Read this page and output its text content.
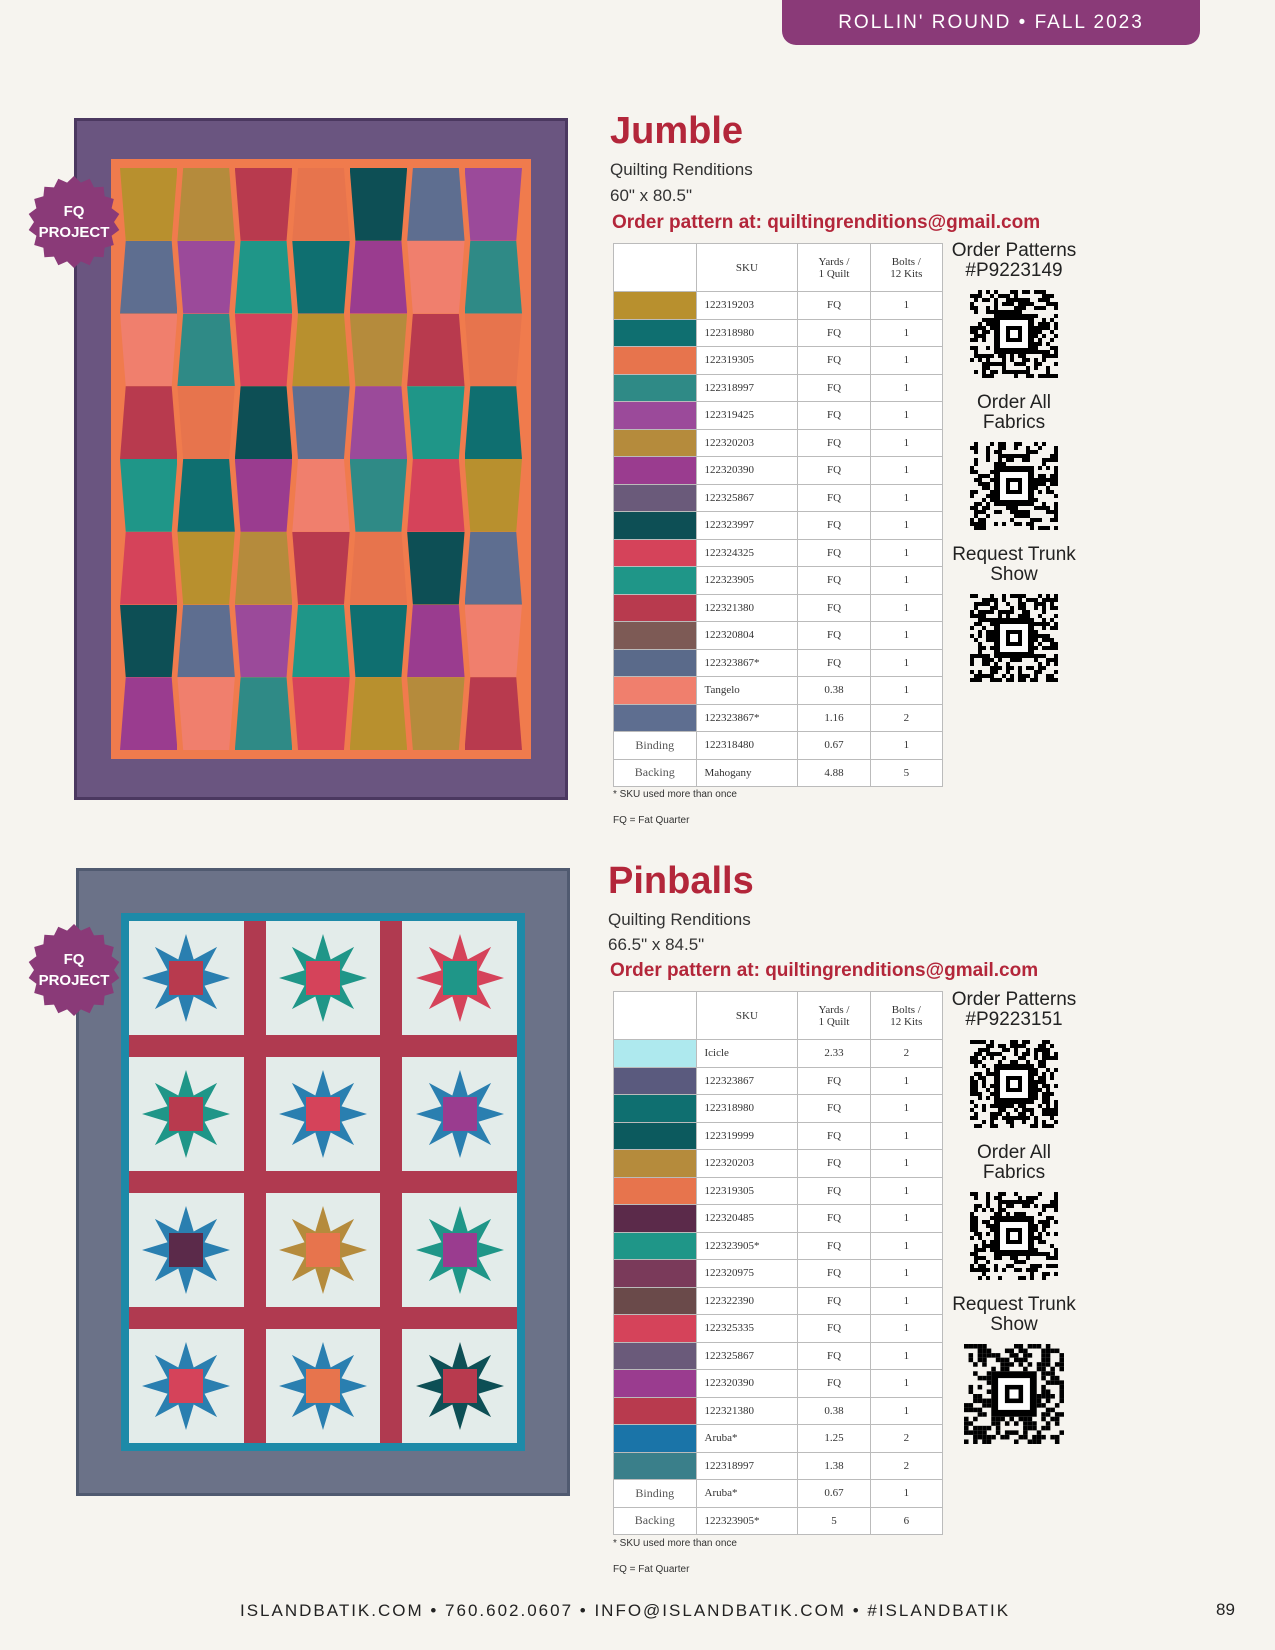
ROLLIN' ROUND • FALL 2023
FQ
PROJECT
Jumble
Quilting Renditions
60" x 80.5"
Order pattern at: quiltingrenditions@gmail.com
	SKU	Yards /
1 Quilt	Bolts /
12 Kits
	122319203	FQ	1
	122318980	FQ	1
	122319305	FQ	1
	122318997	FQ	1
	122319425	FQ	1
	122320203	FQ	1
	122320390	FQ	1
	122325867	FQ	1
	122323997	FQ	1
	122324325	FQ	1
	122323905	FQ	1
	122321380	FQ	1
	122320804	FQ	1
	122323867*	FQ	1
	Tangelo	0.38	1
	122323867*	1.16	2
Binding	122318480	0.67	1
Backing	Mahogany	4.88	5
* SKU used more than once
FQ = Fat Quarter
Order Patterns #P9223149
Order All Fabrics
Request Trunk Show
FQ
PROJECT
Pinballs
Quilting Renditions
66.5" x 84.5"
Order pattern at: quiltingrenditions@gmail.com
	SKU	Yards /
1 Quilt	Bolts /
12 Kits
	Icicle	2.33	2
	122323867	FQ	1
	122318980	FQ	1
	122319999	FQ	1
	122320203	FQ	1
	122319305	FQ	1
	122320485	FQ	1
	122323905*	FQ	1
	122320975	FQ	1
	122322390	FQ	1
	122325335	FQ	1
	122325867	FQ	1
	122320390	FQ	1
	122321380	0.38	1
	Aruba*	1.25	2
	122318997	1.38	2
Binding	Aruba*	0.67	1
Backing	122323905*	5	6
* SKU used more than once
FQ = Fat Quarter
Order Patterns #P9223151
Order All Fabrics
Request Trunk Show
ISLANDBATIK.COM • 760.602.0607 • INFO@ISLANDBATIK.COM • #ISLANDBATIK	89
